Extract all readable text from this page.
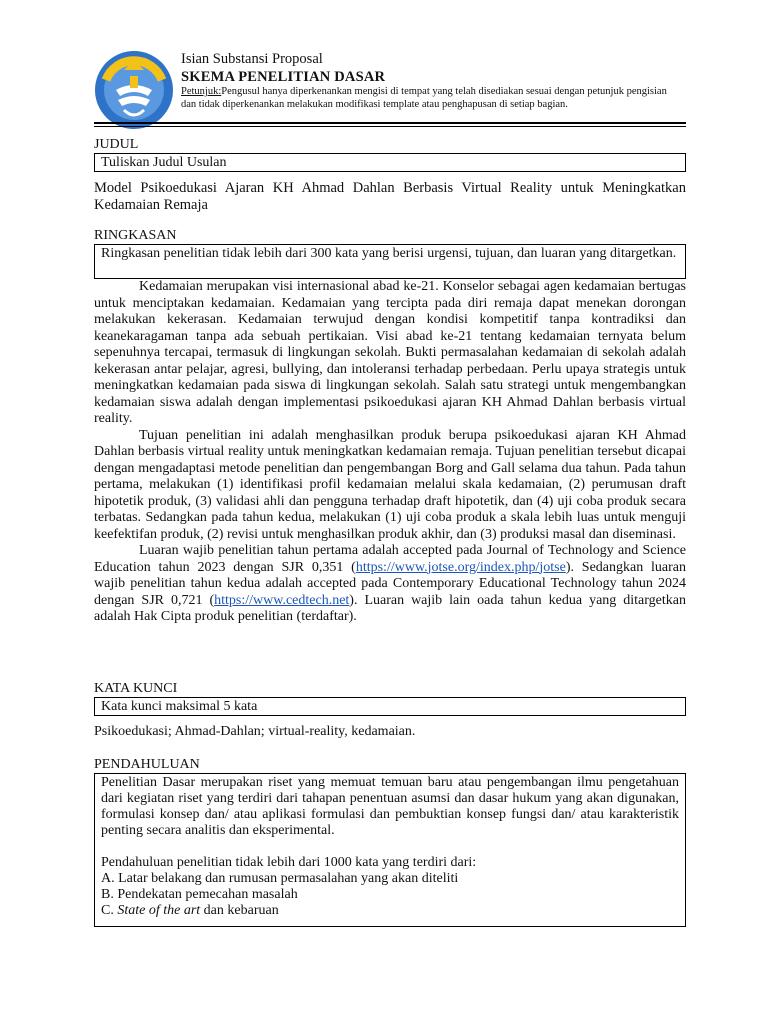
Isian Substansi Proposal
SKEMA PENELITIAN DASAR
Petunjuk:Pengusul hanya diperkenankan mengisi di tempat yang telah disediakan sesuai dengan petunjuk pengisian dan tidak diperkenankan melakukan modifikasi template atau penghapusan di setiap bagian.
JUDUL
Tuliskan Judul Usulan

Model Psikoedukasi Ajaran KH Ahmad Dahlan Berbasis Virtual Reality untuk Meningkatkan Kedamaian Remaja

RINGKASAN
Ringkasan penelitian tidak lebih dari 300 kata yang berisi urgensi, tujuan, dan luaran yang ditargetkan.

Kedamaian merupakan visi internasional abad ke-21. Konselor sebagai agen kedamaian bertugas untuk menciptakan kedamaian. Kedamaian yang tercipta pada diri remaja dapat menekan dorongan melakukan kekerasan. Kedamaian terwujud dengan kondisi kompetitif tanpa kontradiksi dan keanekaragaman tanpa ada sebuah pertikaian. Visi abad ke-21 tentang kedamaian ternyata belum sepenuhnya tercapai, termasuk di lingkungan sekolah. Bukti permasalahan kedamaian di sekolah adalah kekerasan antar pelajar, agresi, bullying, dan intoleransi terhadap perbedaan. Perlu upaya strategis untuk meningkatkan kedamaian pada siswa di lingkungan sekolah. Salah satu strategi untuk mengembangkan kedamaian siswa adalah dengan implementasi psikoedukasi ajaran KH Ahmad Dahlan berbasis virtual reality.

Tujuan penelitian ini adalah menghasilkan produk berupa psikoedukasi ajaran KH Ahmad Dahlan berbasis virtual reality untuk meningkatkan kedamaian remaja. Tujuan penelitian tersebut dicapai dengan mengadaptasi metode penelitian dan pengembangan Borg and Gall selama dua tahun. Pada tahun pertama, melakukan (1) identifikasi profil kedamaian melalui skala kedamaian, (2) perumusan draft hipotetik produk, (3) validasi ahli dan pengguna terhadap draft hipotetik, dan (4) uji coba produk secara terbatas. Sedangkan pada tahun kedua, melakukan (1) uji coba produk a skala lebih luas untuk menguji keefektifan produk, (2) revisi untuk menghasilkan produk akhir, dan (3) produksi masal dan diseminasi.

Luaran wajib penelitian tahun pertama adalah accepted pada Journal of Technology and Science Education tahun 2023 dengan SJR 0,351 (https://www.jotse.org/index.php/jotse). Sedangkan luaran wajib penelitian tahun kedua adalah accepted pada Contemporary Educational Technology tahun 2024 dengan SJR 0,721 (https://www.cedtech.net). Luaran wajib lain oada tahun kedua yang ditargetkan adalah Hak Cipta produk penelitian (terdaftar).

KATA KUNCI
Kata kunci maksimal 5 kata
Psikoedukasi; Ahmad-Dahlan; virtual-reality, kedamaian.
PENDAHULUAN

Penelitian Dasar merupakan riset yang memuat temuan baru atau pengembangan ilmu pengetahuan dari kegiatan riset yang terdiri dari tahapan penentuan asumsi dan dasar hukum yang akan digunakan, formulasi konsep dan/ atau aplikasi formulasi dan pembuktian konsep fungsi dan/ atau karakteristik penting secara analitis dan eksperimental.

Pendahuluan penelitian tidak lebih dari 1000 kata yang terdiri dari:
A. Latar belakang dan rumusan permasalahan yang akan diteliti
B. Pendekatan pemecahan masalah
C. State of the art dan kebaruan
